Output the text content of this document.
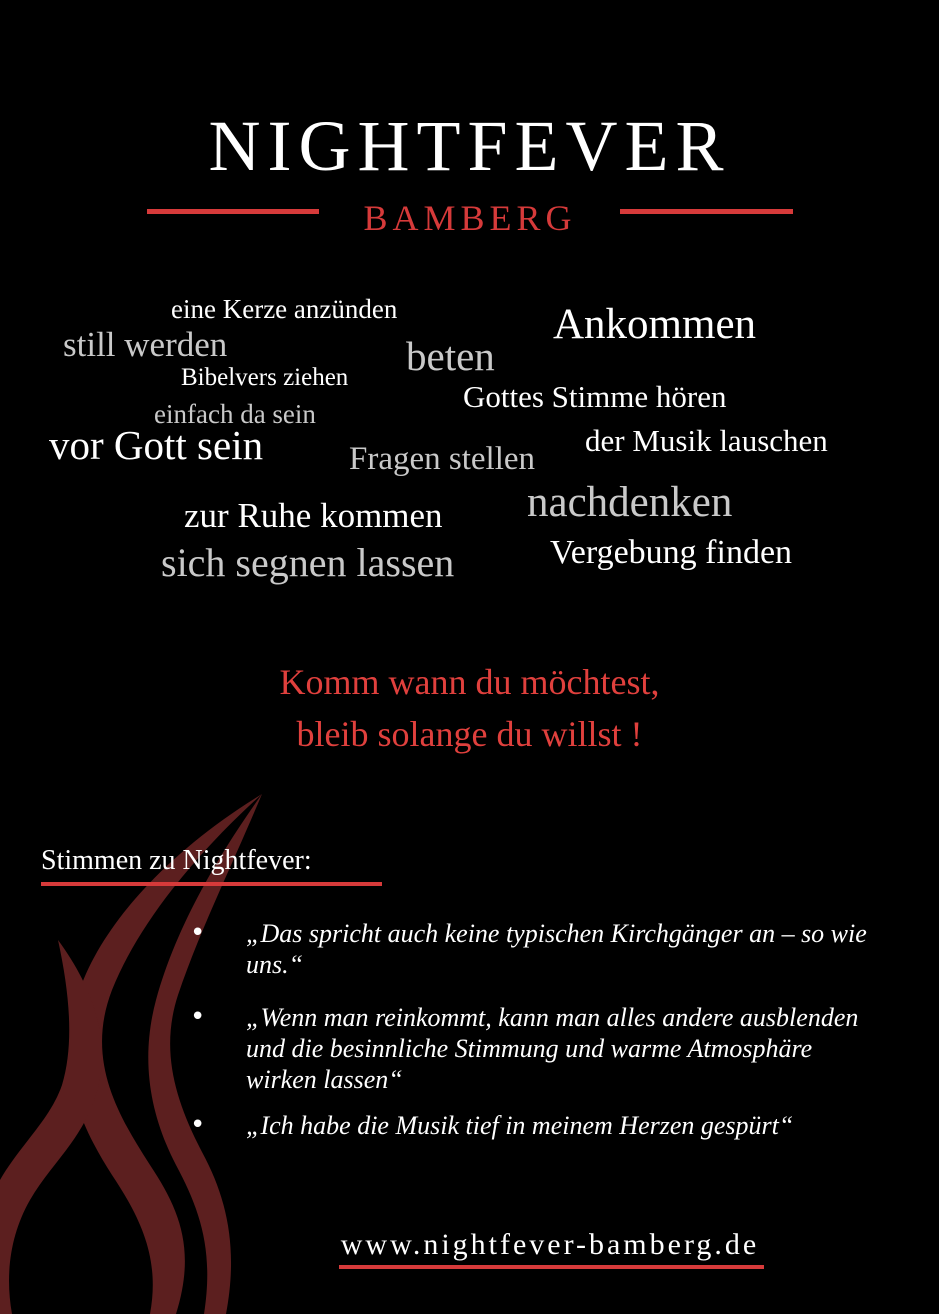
NIGHTFEVER
BAMBERG
eine Kerze anzünden
still werden	beten
Ankommen
Bibelvers ziehen
Gottes Stimme hören
einfach da sein
vor Gott sein	Fragen stellen
der Musik lauschen
nachdenken
zur Ruhe kommen
sich segnen lassen	Vergebung finden
Komm wann du möchtest,
bleib solange du willst !
Stimmen zu Nightfever:
• „Das spricht auch keine typischen Kirchgänger an – so wie uns.“
• „Wenn man reinkommt, kann man alles andere ausblenden und die besinnliche Stimmung und warme Atmosphäre wirken lassen“
• „Ich habe die Musik tief in meinem Herzen gespürt“
www.nightfever-bamberg.de
